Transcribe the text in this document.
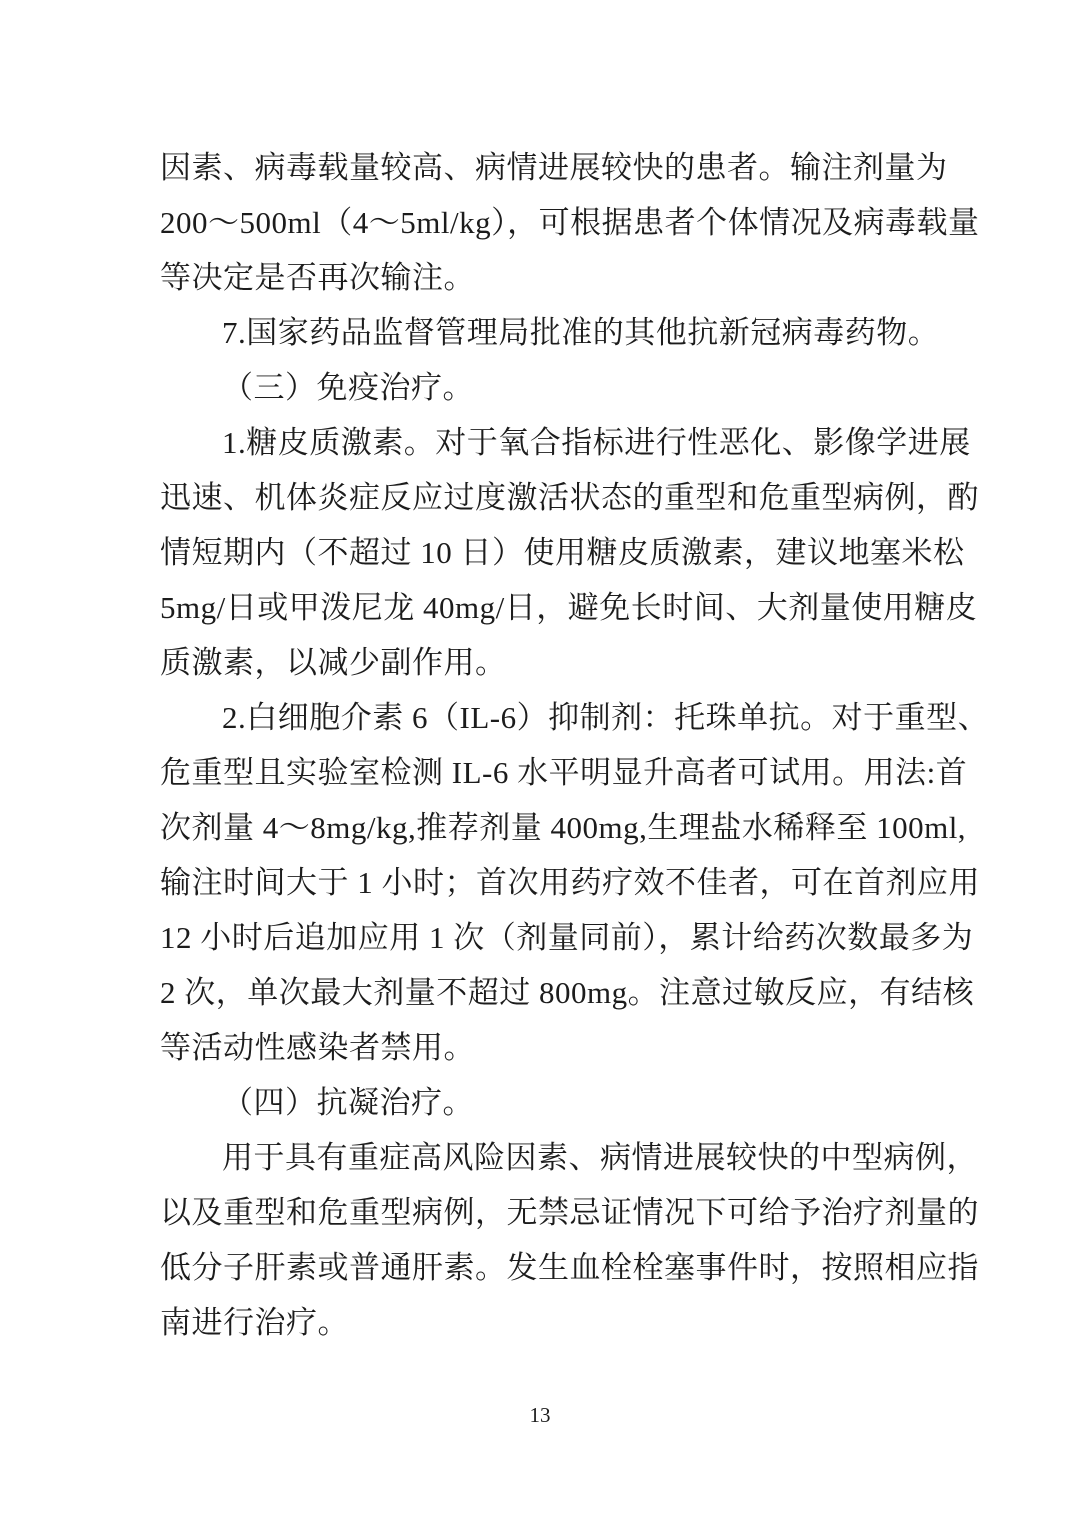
因素、病毒载量较高、病情进展较快的患者。输注剂量为
200～500ml（4～5ml/kg），可根据患者个体情况及病毒载量
等决定是否再次输注。
7.国家药品监督管理局批准的其他抗新冠病毒药物。
（三）免疫治疗。
1.糖皮质激素。对于氧合指标进行性恶化、影像学进展
迅速、机体炎症反应过度激活状态的重型和危重型病例，酌
情短期内（不超过 10 日）使用糖皮质激素，建议地塞米松
5mg/日或甲泼尼龙 40mg/日，避免长时间、大剂量使用糖皮
质激素，以减少副作用。
2.白细胞介素 6（IL-6）抑制剂：托珠单抗。对于重型、
危重型且实验室检测 IL-6 水平明显升高者可试用。用法:首
次剂量 4～8mg/kg,推荐剂量 400mg,生理盐水稀释至 100ml,
输注时间大于 1 小时；首次用药疗效不佳者，可在首剂应用
12 小时后追加应用 1 次（剂量同前），累计给药次数最多为
2 次，单次最大剂量不超过 800mg。注意过敏反应，有结核
等活动性感染者禁用。
（四）抗凝治疗。
用于具有重症高风险因素、病情进展较快的中型病例，
以及重型和危重型病例，无禁忌证情况下可给予治疗剂量的
低分子肝素或普通肝素。发生血栓栓塞事件时，按照相应指
南进行治疗。
13
